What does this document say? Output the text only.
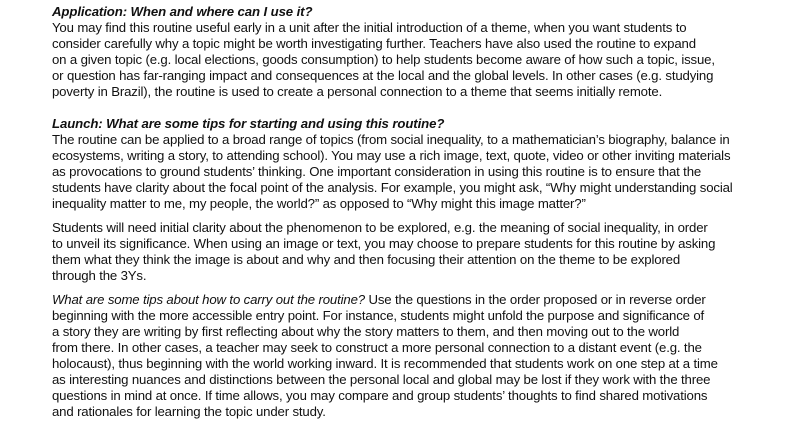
Application: When and where can I use it?

You may find this routine useful early in a unit after the initial introduction of a theme, when you want students to
consider carefully why a topic might be worth investigating further. Teachers have also used the routine to expand
on a given topic (e.g. local elections, goods consumption) to help students become aware of how such a topic, issue,
or question has far-ranging impact and consequences at the local and the global levels. In other cases (e.g. studying
poverty in Brazil), the routine is used to create a personal connection to a theme that seems initially remote.

Launch: What are some tips for starting and using this routine?

The routine can be applied to a broad range of topics (from social inequality, to a mathematician’s biography, balance in
ecosystems, writing a story, to attending school). You may use a rich image, text, quote, video or other inviting materials
as provocations to ground students’ thinking. One important consideration in using this routine is to ensure that the
students have clarity about the focal point of the analysis. For example, you might ask, “Why might understanding social
inequality matter to me, my people, the world?” as opposed to “Why might this image matter?”

Students will need initial clarity about the phenomenon to be explored, e.g. the meaning of social inequality, in order
to unveil its significance. When using an image or text, you may choose to prepare students for this routine by asking
them what they think the image is about and why and then focusing their attention on the theme to be explored
through the 3Ys.

What are some tips about how to carry out the routine? Use the questions in the order proposed or in reverse order
beginning with the more accessible entry point. For instance, students might unfold the purpose and significance of
a story they are writing by first reflecting about why the story matters to them, and then moving out to the world
from there. In other cases, a teacher may seek to construct a more personal connection to a distant event (e.g. the
holocaust), thus beginning with the world working inward. It is recommended that students work on one step at a time
as interesting nuances and distinctions between the personal local and global may be lost if they work with the three
questions in mind at once. If time allows, you may compare and group students’ thoughts to find shared motivations
and rationales for learning the topic under study.
